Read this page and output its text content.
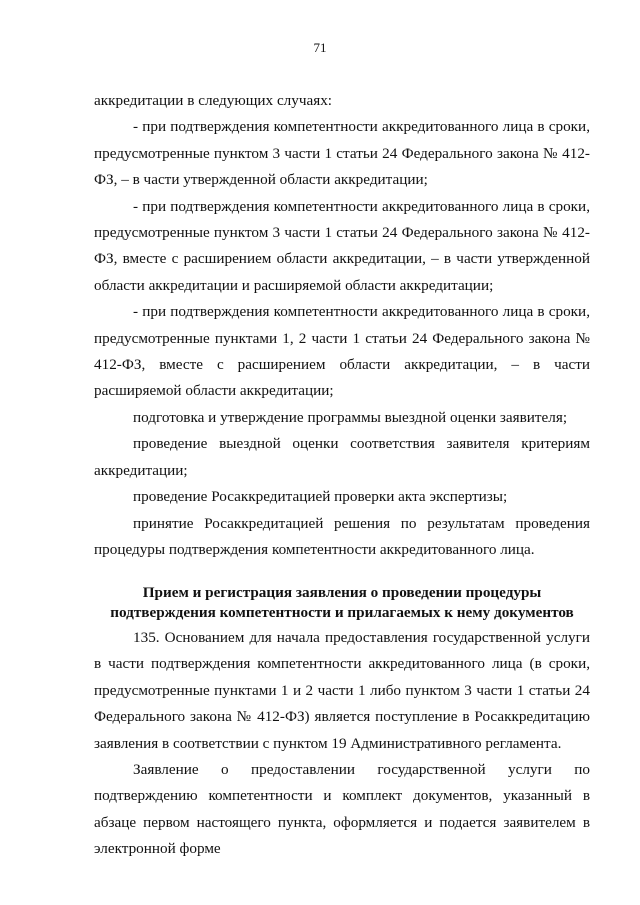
71

аккредитации в следующих случаях:

- при подтверждения компетентности аккредитованного лица в сроки, предусмотренные пунктом 3 части 1 статьи 24 Федерального закона № 412-ФЗ, – в части утвержденной области аккредитации;

- при подтверждения компетентности аккредитованного лица в сроки, предусмотренные пунктом 3 части 1 статьи 24 Федерального закона № 412-ФЗ, вместе с расширением области аккредитации, – в части утвержденной области аккредитации и расширяемой области аккредитации;

- при подтверждения компетентности аккредитованного лица в сроки, предусмотренные пунктами 1, 2 части 1 статьи 24 Федерального закона № 412-ФЗ, вместе с расширением области аккредитации, – в части расширяемой области аккредитации;

подготовка и утверждение программы выездной оценки заявителя;

проведение выездной оценки соответствия заявителя критериям аккредитации;

проведение Росаккредитацией проверки акта экспертизы;

принятие Росаккредитацией решения по результатам проведения процедуры подтверждения компетентности аккредитованного лица.

Прием и регистрация заявления о проведении процедуры
подтверждения компетентности и прилагаемых к нему документов

135. Основанием для начала предоставления государственной услуги в части подтверждения компетентности аккредитованного лица (в сроки, предусмотренные пунктами 1 и 2 части 1 либо пунктом 3 части 1 статьи 24 Федерального закона № 412-ФЗ) является поступление в Росаккредитацию заявления в соответствии с пунктом 19 Административного регламента.

Заявление о предоставлении государственной услуги по подтверждению компетентности и комплект документов, указанный в абзаце первом настоящего пункта, оформляется и подается заявителем в электронной форме
